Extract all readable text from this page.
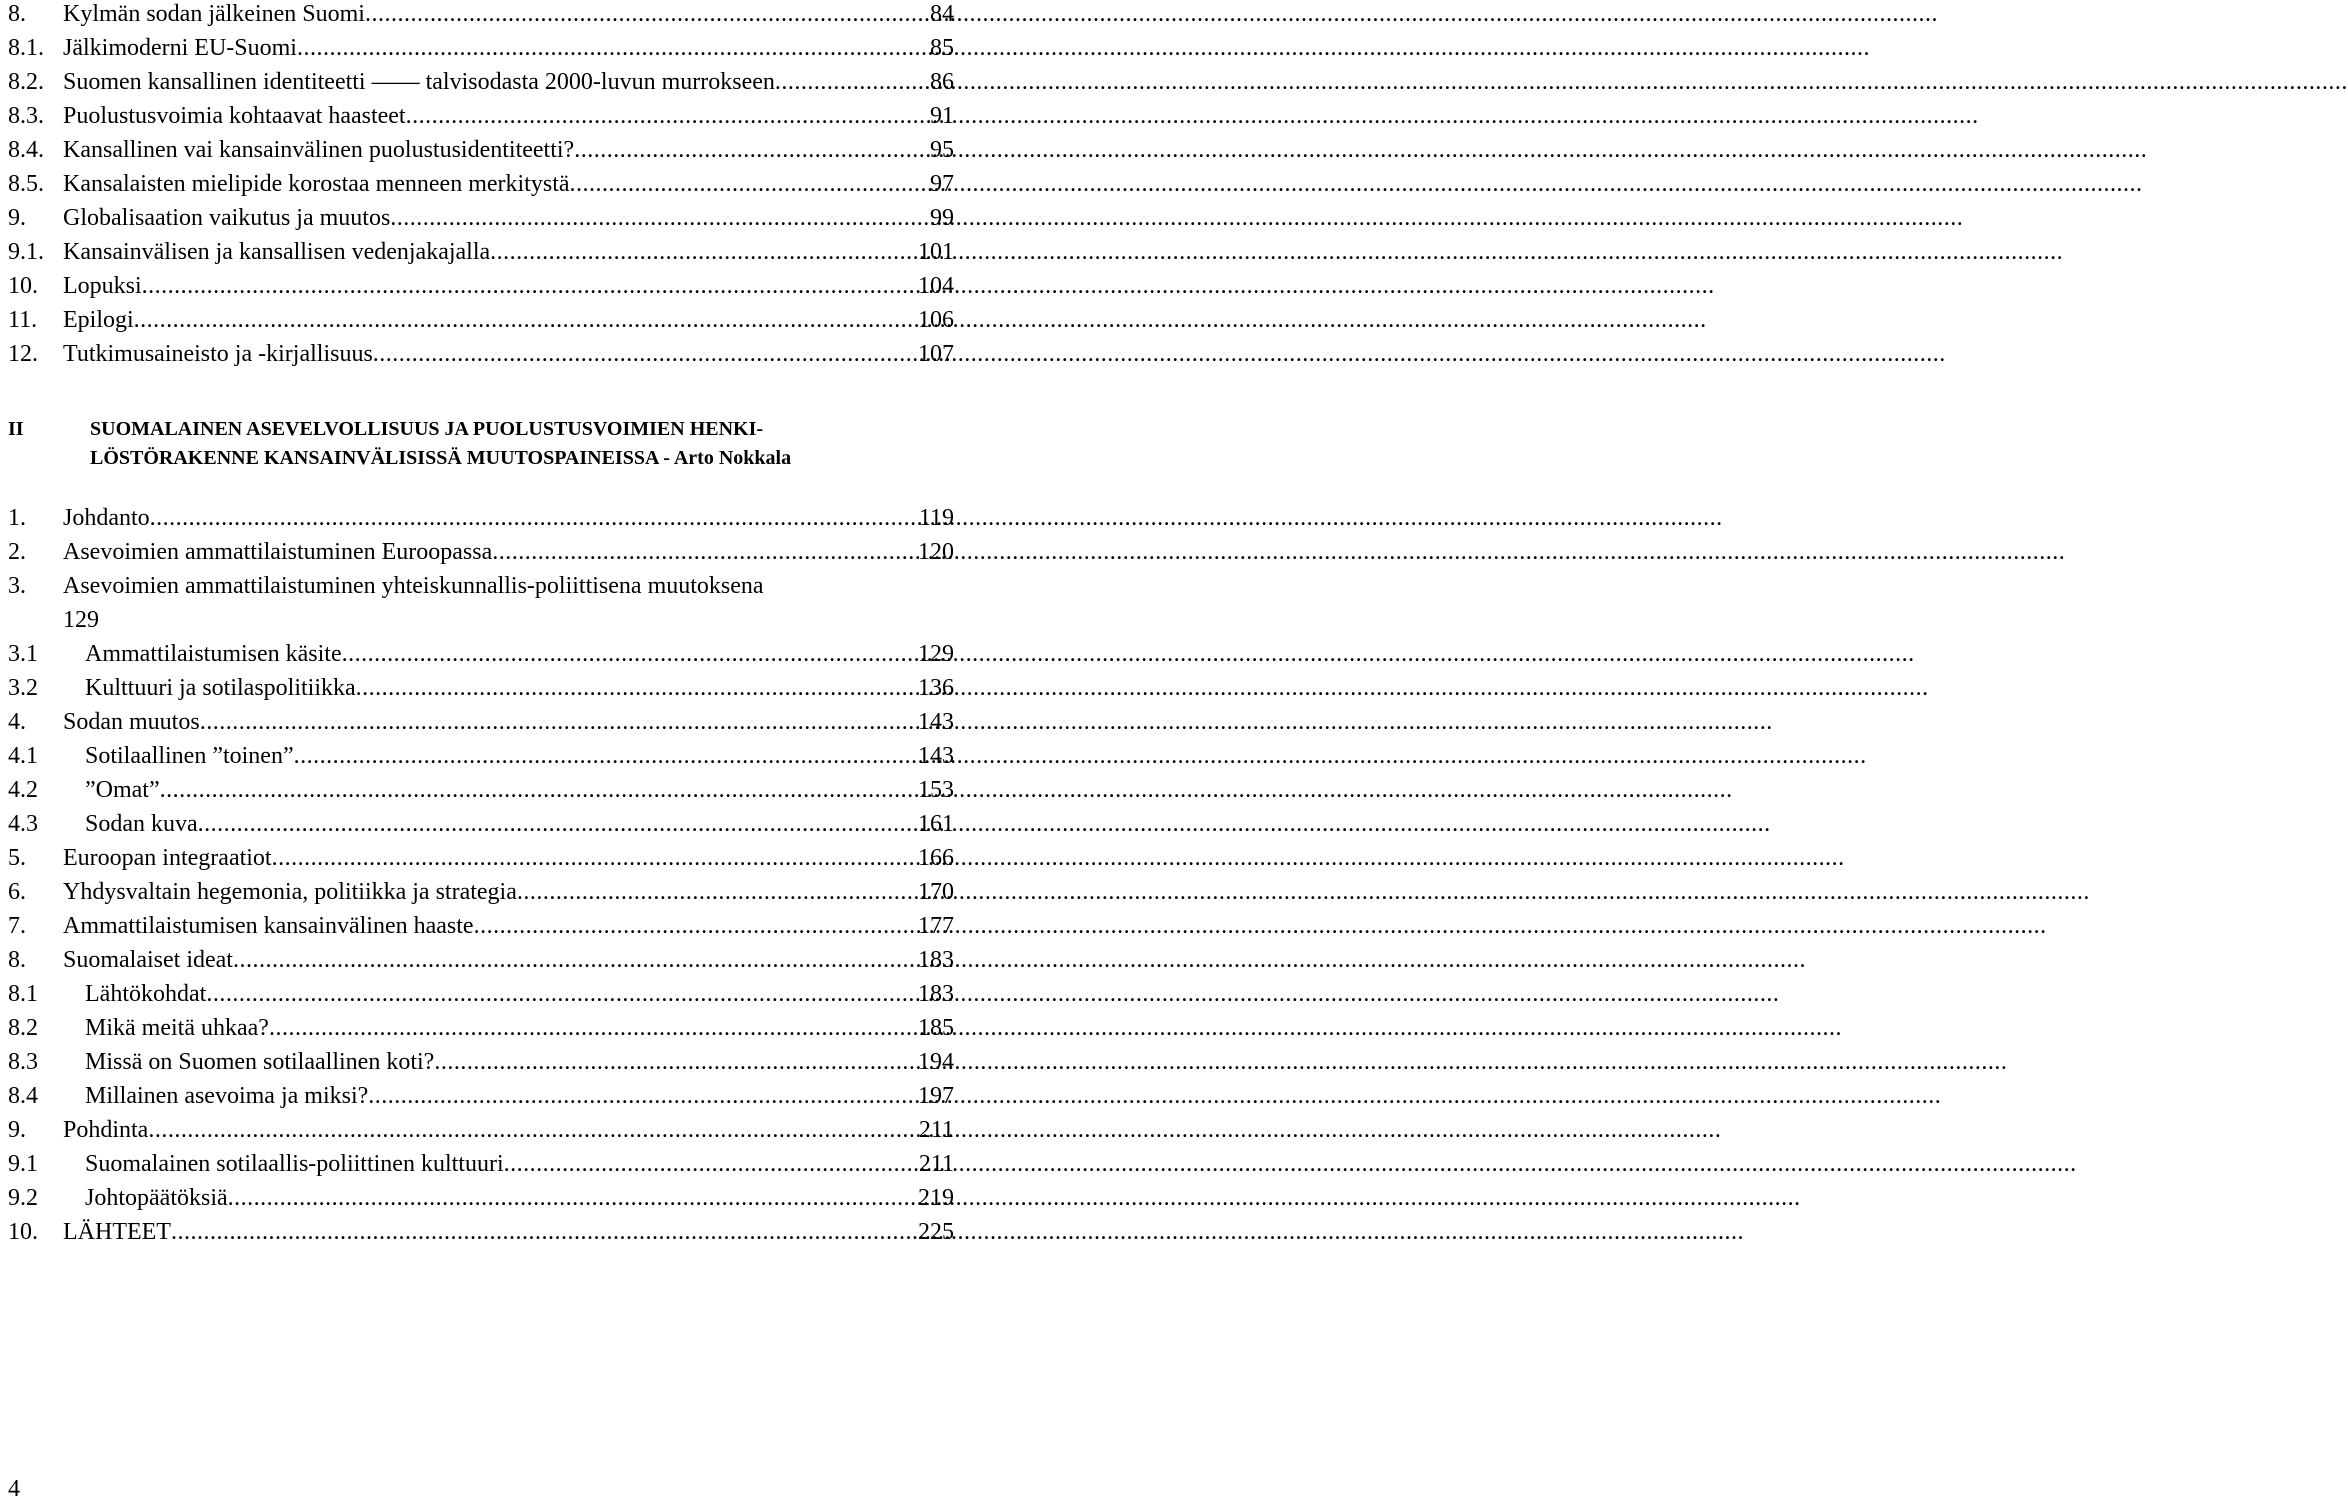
8.	Kylmän sodan jälkeinen Suomi .....	84
8.1. Jälkimoderni EU-Suomi .....	85
8.2. Suomen kansallinen identiteetti —— talvisodasta 2000-luvun murrokseen .....	86
8.3. Puolustusvoimia kohtaavat haasteet .....	91
8.4. Kansallinen vai kansainvälinen puolustusidentiteetti? .....	95
8.5. Kansalaisten mielipide korostaa menneen merkitystä .....	97
9.	Globalisaation vaikutus ja muutos .....	99
9.1. Kansainvälisen ja kansallisen vedenjakajalla .....	101
10.	Lopuksi .....	104
11.	Epilogi .....	106
12.	Tutkimusaineisto ja -kirjallisuus .....	107
II	SUOMALAINEN ASEVELVOLLISUUS JA PUOLUSTUSVOIMIEN HENKI-
LÖSTÖRAKENNE KANSAINVÄLISISSÄ MUUTOSPAINEISSA - Arto Nokkala
1.	Johdanto .....	119
2.	Asevoimien ammattilaistuminen Euroopassa .....	120
3.	Asevoimien ammattilaistuminen yhteiskunnallis-poliittisena muutoksena
129
3.1	Ammattilaistumisen käsite .....	129
3.2	Kulttuuri ja sotilaspolitiikka .....	136
4.	Sodan muutos .....	143
4.1	Sotilaallinen ”toinen” .....	143
4.2	”Omat” .....	153
4.3	Sodan kuva .....	161
5.	Euroopan integraatiot .....	166
6.	Yhdysvaltain hegemonia, politiikka ja strategia .....	170
7.	Ammattilaistumisen kansainvälinen haaste .....	177
8.	Suomalaiset ideat .....	183
8.1	Lähtökohdat .....	183
8.2	Mikä meitä uhkaa? .....	185
8.3	Missä on Suomen sotilaallinen koti? .....	194
8.4	Millainen asevoima ja miksi? .....	197
9.	Pohdinta .....	211
9.1	Suomalainen sotilaallis-poliittinen kulttuuri .....	211
9.2	Johtopäätöksiä .....	219
10.	LÄHTEET .....	225
4
